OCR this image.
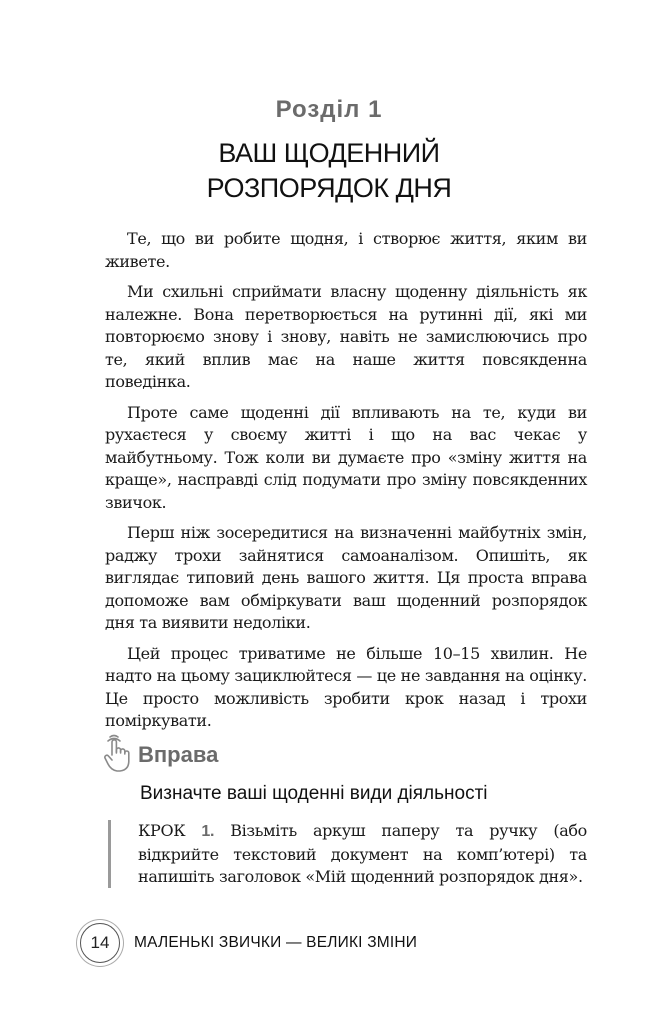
Розділ 1
ВАШ ЩОДЕННИЙ
РОЗПОРЯДОК ДНЯ

Те, що ви робите щодня, і створює життя, яким ви живете.

Ми схильні сприймати власну щоденну діяльність як належне. Вона перетворюється на рутинні дії, які ми повторюємо знову і знову, навіть не замислюючись про те, який вплив має на наше життя повсякденна поведінка.

Проте саме щоденні дії впливають на те, куди ви рухаєтеся у своєму житті і що на вас чекає у майбутньому. Тож коли ви думаєте про «зміну життя на краще», насправді слід подумати про зміну повсякденних звичок.

Перш ніж зосередитися на визначенні майбутніх змін, раджу трохи зайнятися самоаналізом. Опишіть, як виглядає типовий день вашого життя. Ця проста вправа допоможе вам обміркувати ваш щоденний розпорядок дня та виявити недоліки.

Цей процес триватиме не більше 10–15 хвилин. Не надто на цьому зациклюйтеся — це не завдання на оцінку. Це просто можливість зробити крок назад і трохи поміркувати.

Вправа
Визначте ваші щоденні види діяльності
КРОК 1. Візьміть аркуш паперу та ручку (або відкрийте текстовий документ на комп’ютері) та напишіть заголовок «Мій щоденний розпорядок дня».
14	МАЛЕНЬКІ ЗВИЧКИ — ВЕЛИКІ ЗМІНИ
